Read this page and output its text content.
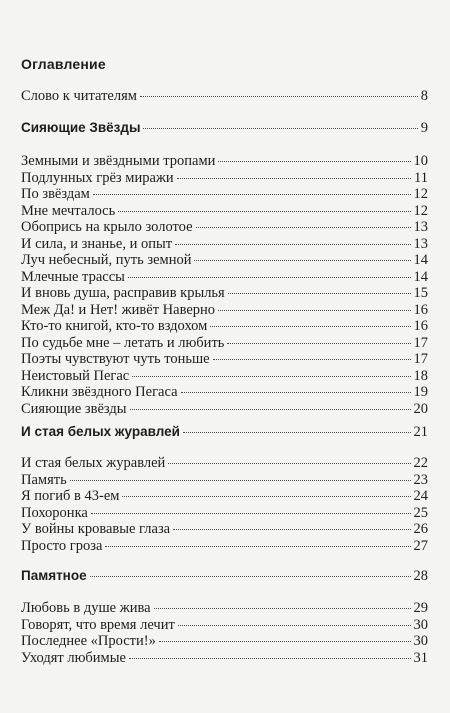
Оглавление
Слово к читателям	8
Сияющие Звёзды	9
Земными и звёздными тропами	10
Подлунных грёз миражи	11
По звёздам	12
Мне мечталось	12
Обопрись на крыло золотое	13
И сила, и знанье, и опыт	13
Луч небесный, путь земной	14
Млечные трассы	14
И вновь душа, расправив крылья	15
Меж Да! и Нет! живёт Наверно	16
Кто-то книгой, кто-то вздохом	16
По судьбе мне – летать и любить	17
Поэты чувствуют чуть тоньше	17
Неистовый Пегас	18
Кликни звёздного Пегаса	19
Сияющие звёзды	20
И стая белых журавлей	21
И стая белых журавлей	22
Память	23
Я погиб в 43-ем	24
Похоронка	25
У войны кровавые глаза	26
Просто гроза	27
Памятное	28
Любовь в душе жива	29
Говорят, что время лечит	30
Последнее «Прости!»	30
Уходят любимые	31
